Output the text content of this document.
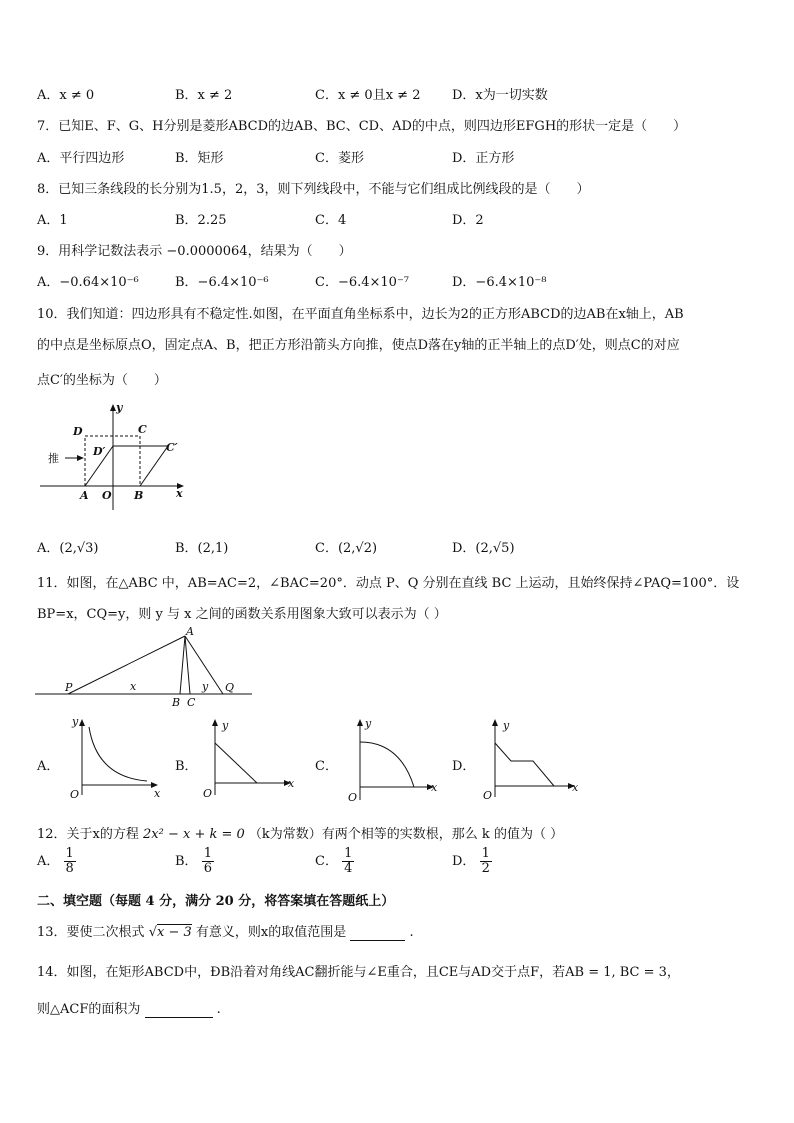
A．x ≠ 0	B．x ≠ 2	C．x ≠ 0且x ≠ 2 D．x为一切实数
7．已知E、F、G、H分别是菱形ABCD的边AB、BC、CD、AD的中点，则四边形EFGH的形状一定是（　　）
A．平行四边形	B．矩形	C．菱形	D．正方形
8．已知三条线段的长分别为1.5，2，3，则下列线段中，不能与它们组成比例线段的是（　　）
A．1	B．2.25	C．4	D．2
9．用科学记数法表示 −0.0000064，结果为（　　）
A．−0.64×10⁻⁶	B．−6.4×10⁻⁶	C．−6.4×10⁻⁷	D．−6.4×10⁻⁸
10．我们知道：四边形具有不稳定性.如图，在平面直角坐标系中，边长为2的正方形ABCD的边AB在x轴上，AB
的中点是坐标原点O，固定点A、B，把正方形沿箭头方向推，使点D落在y轴的正半轴上的点D′处，则点C的对应
点C′的坐标为（　　）
推
D	C
D′	C′
A O B	x
y
A．(2,√3)	B．(2,1)	C．(2,√2)	D．(2,√5)
11．如图，在△ABC 中，AB=AC=2，∠BAC=20°．动点 P、Q 分别在直线 BC 上运动，且始终保持∠PAQ=100°．设
BP=x，CQ=y，则 y 与 x 之间的函数关系用图象大致可以表示为（ ）
A
P	x
B C
y Q
A．
y
x
O
B．
y
x
O
C．
y
x
O
D．
y
x
O
12．关于x的方程 2x² − x + k = 0 （k为常数）有两个相等的实数根，那么 k 的值为（ ）
A． $\frac{1}{8}$	B． $\frac{1}{6}$	C． $\frac{1}{4}$	D． $\frac{1}{2}$
二、填空题（每题 4 分，满分 20 分，将答案填在答题纸上）
13．要使二次根式 √x − 3 有意义，则x的取值范围是	.
14．如图，在矩形ABCD中，ĐB沿着对角线AC翻折能与∠E重合，且CE与AD交于点F，若AB = 1, BC = 3，
则△ACF的面积为	.
